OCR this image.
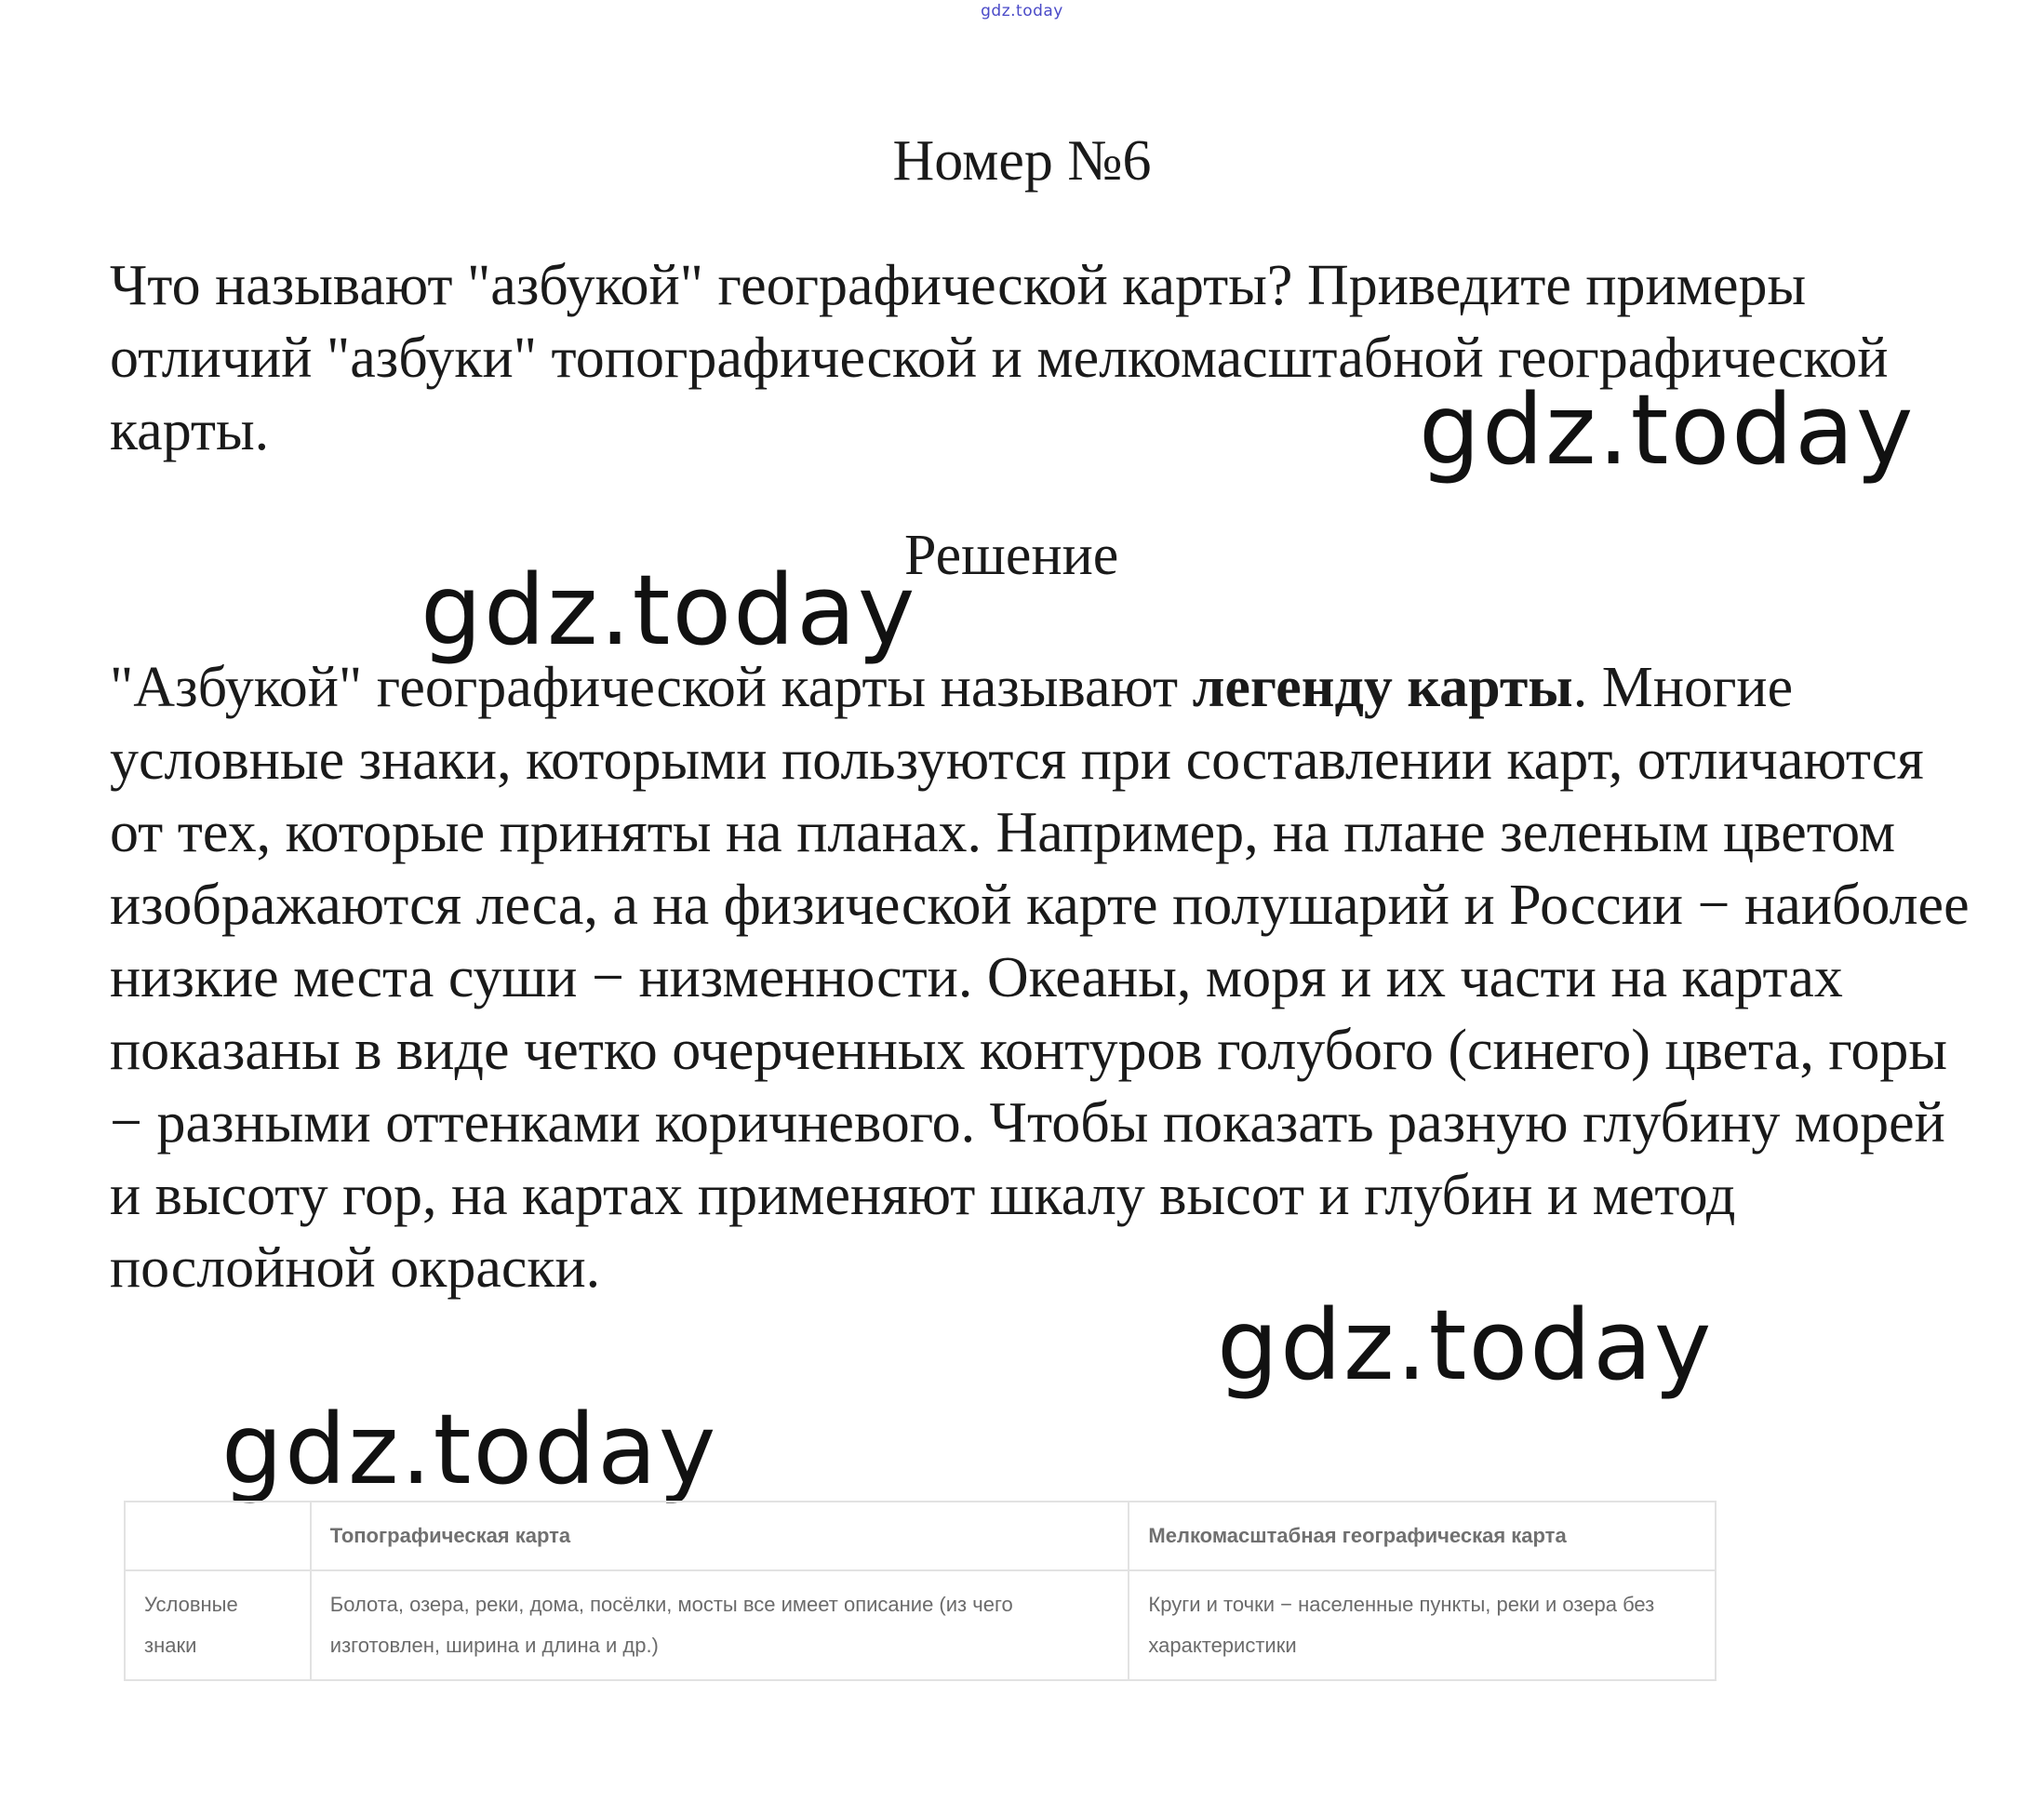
gdz.today
Номер №6

Что называют "азбукой" географической карты? Приведите примеры отличий "азбуки" топографической и мелкомасштабной географической карты.

Решение

"Азбукой" географической карты называют легенду карты. Многие условные знаки, которыми пользуются при составлении карт, отличаются от тех, которые приняты на планах. Например, на плане зеленым цветом изображаются леса, а на физической карте полушарий и России − наиболее низкие места суши − низменности. Океаны, моря и их части на картах показаны в виде четко очерченных контуров голубого (синего) цвета, горы − разными оттенками коричневого. Чтобы показать разную глубину морей и высоту гор, на картах применяют шкалу высот и глубин и метод послойной окраски.

gdz.today
gdz.today
gdz.today
gdz.today
	Топографическая карта	Мелкомасштабная географическая карта
Условные знаки	Болота, озера, реки, дома, посёлки, мосты все имеет описание (из чего изготовлен, ширина и длина и др.)	Круги и точки − населенные пункты, реки и озера без характеристики
